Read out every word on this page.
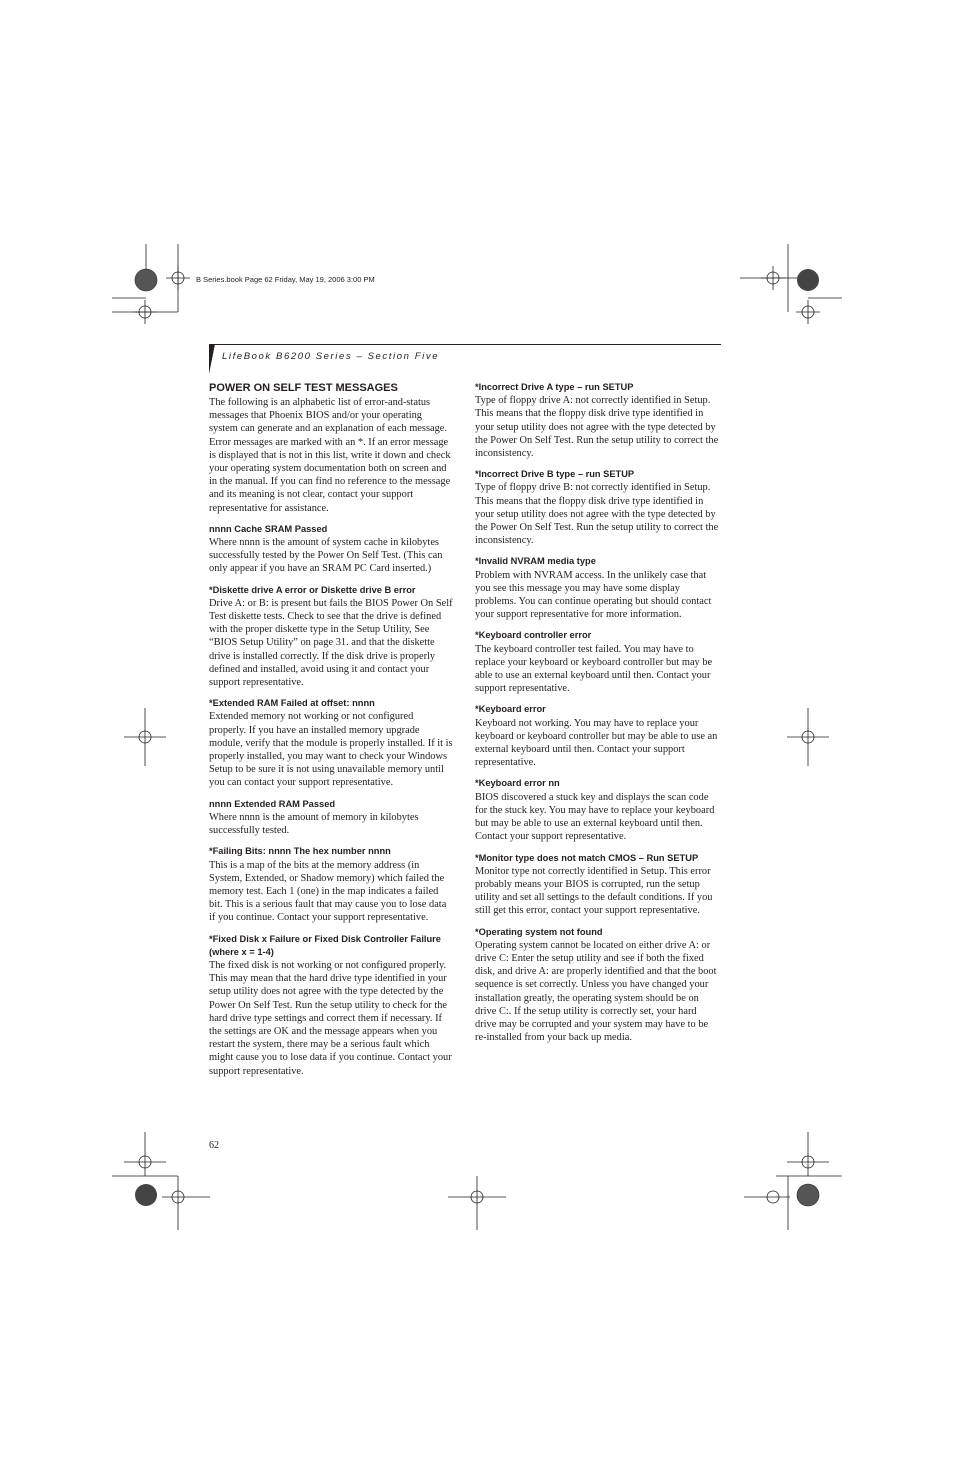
B Series.book Page 62 Friday, May 19, 2006 3:00 PM
LifeBook B6200 Series – Section Five
POWER ON SELF TEST MESSAGES

The following is an alphabetic list of error-and-status messages that Phoenix BIOS and/or your operating system can generate and an explanation of each message. Error messages are marked with an *. If an error message is displayed that is not in this list, write it down and check your operating system documentation both on screen and in the manual. If you can find no reference to the message and its meaning is not clear, contact your support representative for assistance.

nnnn Cache SRAM Passed

Where nnnn is the amount of system cache in kilobytes successfully tested by the Power On Self Test. (This can only appear if you have an SRAM PC Card inserted.)

*Diskette drive A error or Diskette drive B error

Drive A: or B: is present but fails the BIOS Power On Self Test diskette tests. Check to see that the drive is defined with the proper diskette type in the Setup Utility, See “BIOS Setup Utility” on page 31. and that the diskette drive is installed correctly. If the disk drive is properly defined and installed, avoid using it and contact your support representative.

*Extended RAM Failed at offset: nnnn

Extended memory not working or not configured properly. If you have an installed memory upgrade module, verify that the module is properly installed. If it is properly installed, you may want to check your Windows Setup to be sure it is not using unavailable memory until you can contact your support representative.

nnnn Extended RAM Passed

Where nnnn is the amount of memory in kilobytes successfully tested.

*Failing Bits: nnnn The hex number nnnn

This is a map of the bits at the memory address (in System, Extended, or Shadow memory) which failed the memory test. Each 1 (one) in the map indicates a failed bit. This is a serious fault that may cause you to lose data if you continue. Contact your support representative.

*Fixed Disk x Failure or Fixed Disk Controller Failure (where x = 1-4)

The fixed disk is not working or not configured properly. This may mean that the hard drive type identified in your setup utility does not agree with the type detected by the Power On Self Test. Run the setup utility to check for the hard drive type settings and correct them if necessary. If the settings are OK and the message appears when you restart the system, there may be a serious fault which might cause you to lose data if you continue. Contact your support representative.

*Incorrect Drive A type – run SETUP

Type of floppy drive A: not correctly identified in Setup. This means that the floppy disk drive type identified in your setup utility does not agree with the type detected by the Power On Self Test. Run the setup utility to correct the inconsistency.

*Incorrect Drive B type – run SETUP

Type of floppy drive B: not correctly identified in Setup. This means that the floppy disk drive type identified in your setup utility does not agree with the type detected by the Power On Self Test. Run the setup utility to correct the inconsistency.

*Invalid NVRAM media type

Problem with NVRAM access. In the unlikely case that you see this message you may have some display problems. You can continue operating but should contact your support representative for more information.

*Keyboard controller error

The keyboard controller test failed. You may have to replace your keyboard or keyboard controller but may be able to use an external keyboard until then. Contact your support representative.

*Keyboard error

Keyboard not working. You may have to replace your keyboard or keyboard controller but may be able to use an external keyboard until then. Contact your support representative.

*Keyboard error nn

BIOS discovered a stuck key and displays the scan code for the stuck key. You may have to replace your keyboard but may be able to use an external keyboard until then. Contact your support representative.

*Monitor type does not match CMOS – Run SETUP

Monitor type not correctly identified in Setup. This error probably means your BIOS is corrupted, run the setup utility and set all settings to the default conditions. If you still get this error, contact your support representative.

*Operating system not found

Operating system cannot be located on either drive A: or drive C: Enter the setup utility and see if both the fixed disk, and drive A: are properly identified and that the boot sequence is set correctly. Unless you have changed your installation greatly, the operating system should be on drive C:. If the setup utility is correctly set, your hard drive may be corrupted and your system may have to be re-installed from your back up media.

62
